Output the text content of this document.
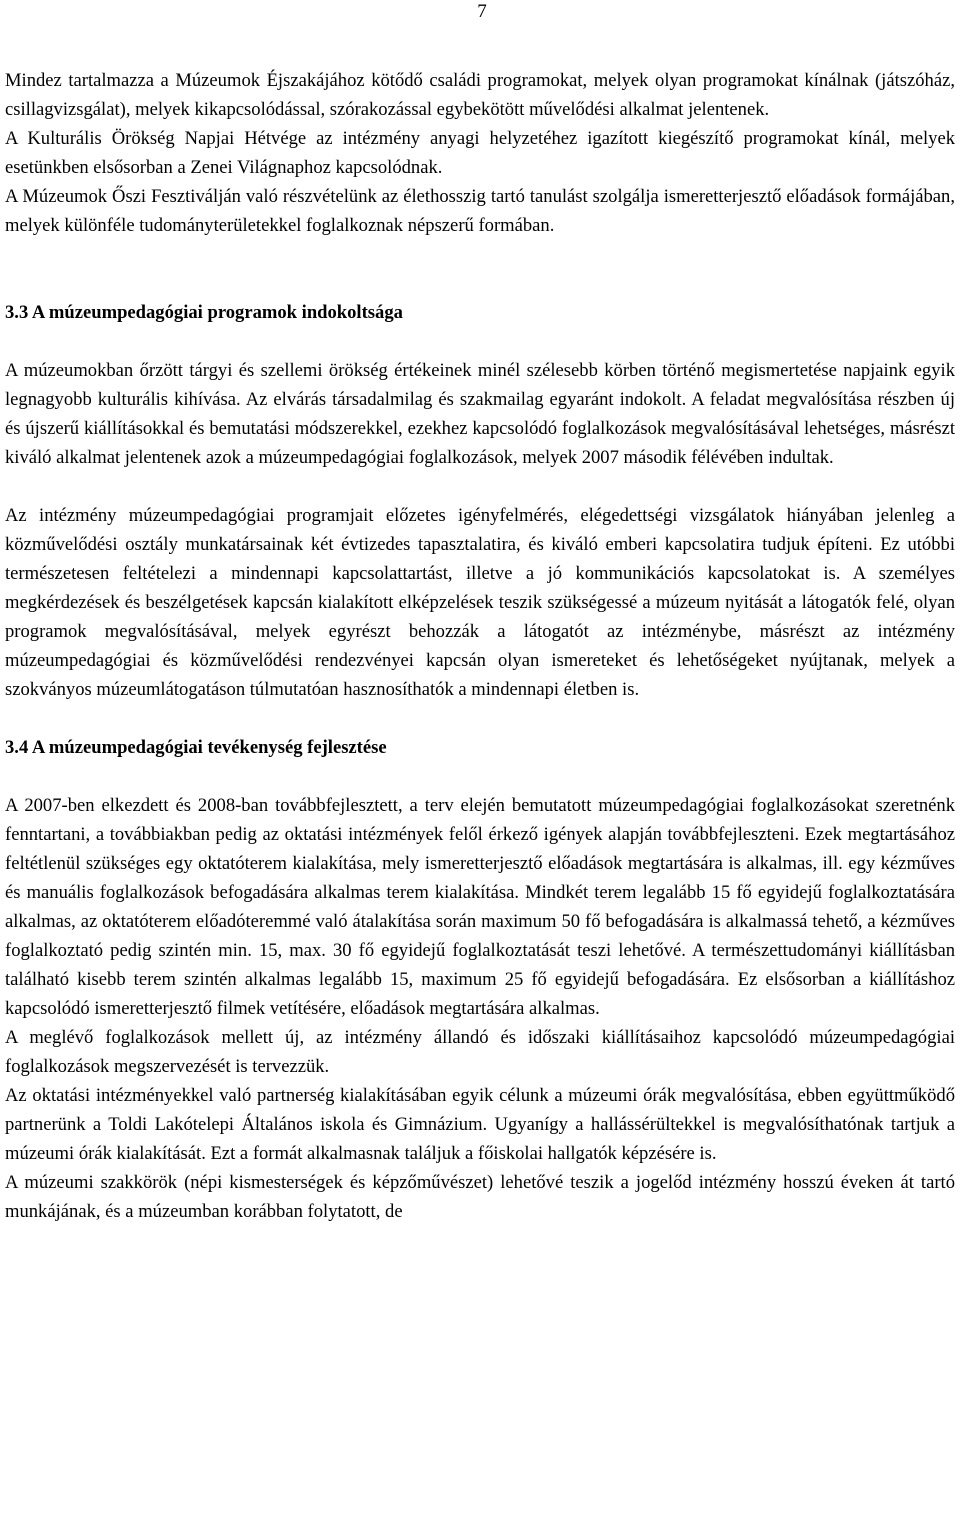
7

Mindez tartalmazza a Múzeumok Éjszakájához kötődő családi programokat, melyek olyan programokat kínálnak (játszóház, csillagvizsgálat), melyek kikapcsolódással, szórakozással egybekötött művelődési alkalmat jelentenek.

A Kulturális Örökség Napjai Hétvége az intézmény anyagi helyzetéhez igazított kiegészítő programokat kínál, melyek esetünkben elsősorban a Zenei Világnaphoz kapcsolódnak.

A Múzeumok Őszi Fesztiválján való részvételünk az élethosszig tartó tanulást szolgálja ismeretterjesztő előadások formájában, melyek különféle tudományterületekkel foglalkoznak népszerű formában.

3.3 A múzeumpedagógiai programok indokoltsága

A múzeumokban őrzött tárgyi és szellemi örökség értékeinek minél szélesebb körben történő megismertetése napjaink egyik legnagyobb kulturális kihívása. Az elvárás társadalmilag és szakmailag egyaránt indokolt. A feladat megvalósítása részben új és újszerű kiállításokkal és bemutatási módszerekkel, ezekhez kapcsolódó foglalkozások megvalósításával lehetséges, másrészt kiváló alkalmat jelentenek azok a múzeumpedagógiai foglalkozások, melyek 2007 második félévében indultak.

Az intézmény múzeumpedagógiai programjait előzetes igényfelmérés, elégedettségi vizsgálatok hiányában jelenleg a közművelődési osztály munkatársainak két évtizedes tapasztalatira, és kiváló emberi kapcsolatira tudjuk építeni. Ez utóbbi természetesen feltételezi a mindennapi kapcsolattartást, illetve a jó kommunikációs kapcsolatokat is. A személyes megkérdezések és beszélgetések kapcsán kialakított elképzelések teszik szükségessé a múzeum nyitását a látogatók felé, olyan programok megvalósításával, melyek egyrészt behozzák a látogatót az intézménybe, másrészt az intézmény múzeumpedagógiai és közművelődési rendezvényei kapcsán olyan ismereteket és lehetőségeket nyújtanak, melyek a szokványos múzeumlátogatáson túlmutatóan hasznosíthatók a mindennapi életben is.

3.4 A múzeumpedagógiai tevékenység fejlesztése

A 2007-ben elkezdett és 2008-ban továbbfejlesztett, a terv elején bemutatott múzeumpedagógiai foglalkozásokat szeretnénk fenntartani, a továbbiakban pedig az oktatási intézmények felől érkező igények alapján továbbfejleszteni. Ezek megtartásához feltétlenül szükséges egy oktatóterem kialakítása, mely ismeretterjesztő előadások megtartására is alkalmas, ill. egy kézműves és manuális foglalkozások befogadására alkalmas terem kialakítása. Mindkét terem legalább 15 fő egyidejű foglalkoztatására alkalmas, az oktatóterem előadóteremmé való átalakítása során maximum 50 fő befogadására is alkalmassá tehető, a kézműves foglalkoztató pedig szintén min. 15, max. 30 fő egyidejű foglalkoztatását teszi lehetővé. A természettudományi kiállításban található kisebb terem szintén alkalmas legalább 15, maximum 25 fő egyidejű befogadására. Ez elsősorban a kiállításhoz kapcsolódó ismeretterjesztő filmek vetítésére, előadások megtartására alkalmas.

A meglévő foglalkozások mellett új, az intézmény állandó és időszaki kiállításaihoz kapcsolódó múzeumpedagógiai foglalkozások megszervezését is tervezzük.

Az oktatási intézményekkel való partnerség kialakításában egyik célunk a múzeumi órák megvalósítása, ebben együttműködő partnerünk a Toldi Lakótelepi Általános iskola és Gimnázium. Ugyanígy a hallássérültekkel is megvalósíthatónak tartjuk a múzeumi órák kialakítását. Ezt a formát alkalmasnak találjuk a főiskolai hallgatók képzésére is.

A múzeumi szakkörök (népi kismesterségek és képzőművészet) lehetővé teszik a jogelőd intézmény hosszú éveken át tartó munkájának, és a múzeumban korábban folytatott, de
